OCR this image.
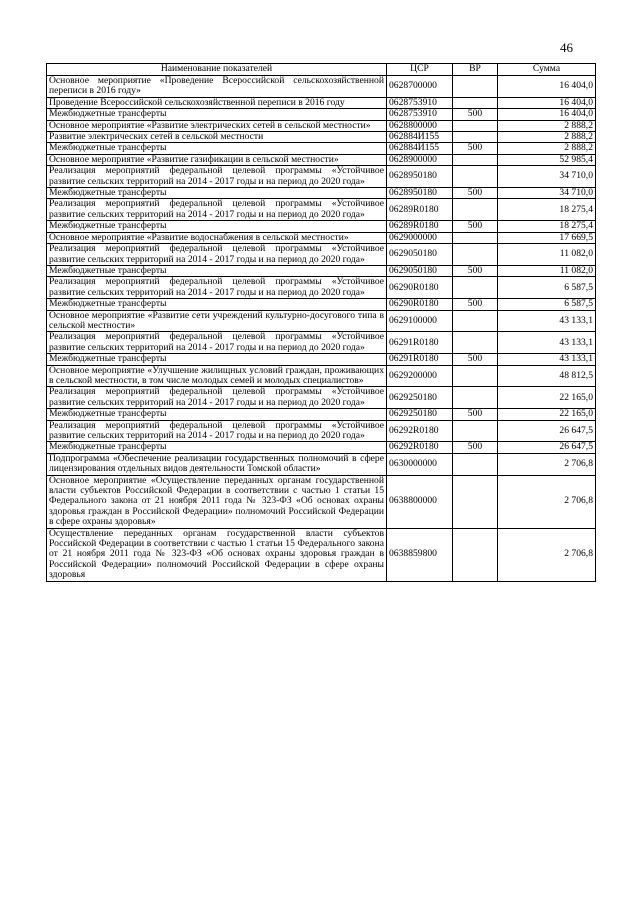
46
Наименование показателей	ЦСР	ВР	Сумма
Основное мероприятие «Проведение Всероссийской сельскохозяйственной переписи в 2016 году»	0628700000		16 404,0
Проведение Всероссийской сельскохозяйственной переписи в 2016 году	0628753910		16 404,0
Межбюджетные трансферты	0628753910	500	16 404,0
Основное мероприятие «Развитие электрических сетей в сельской местности»	0628800000		2 888,2
Развитие электрических сетей в сельской местности	062884И155		2 888,2
Межбюджетные трансферты	062884И155	500	2 888,2
Основное мероприятие «Развитие газификации в сельской местности»	0628900000		52 985,4
Реализация мероприятий федеральной целевой программы «Устойчивое развитие сельских территорий на 2014 - 2017 годы и на период до 2020 года»	0628950180		34 710,0
Межбюджетные трансферты	0628950180	500	34 710,0
Реализация мероприятий федеральной целевой программы «Устойчивое развитие сельских территорий на 2014 - 2017 годы и на период до 2020 года»	06289R0180		18 275,4
Межбюджетные трансферты	06289R0180	500	18 275,4
Основное мероприятие «Развитие водоснабжения в сельской местности»	0629000000		17 669,5
Реализация мероприятий федеральной целевой программы «Устойчивое развитие сельских территорий на 2014 - 2017 годы и на период до 2020 года»	0629050180		11 082,0
Межбюджетные трансферты	0629050180	500	11 082,0
Реализация мероприятий федеральной целевой программы «Устойчивое развитие сельских территорий на 2014 - 2017 годы и на период до 2020 года»	06290R0180		6 587,5
Межбюджетные трансферты	06290R0180	500	6 587,5
Основное мероприятие «Развитие сети учреждений культурно-досугового типа в сельской местности»	0629100000		43 133,1
Реализация мероприятий федеральной целевой программы «Устойчивое развитие сельских территорий на 2014 - 2017 годы и на период до 2020 года»	06291R0180		43 133,1
Межбюджетные трансферты	06291R0180	500	43 133,1
Основное мероприятие «Улучшение жилищных условий граждан, проживающих в сельской местности, в том числе молодых семей и молодых специалистов»	0629200000		48 812,5
Реализация мероприятий федеральной целевой программы «Устойчивое развитие сельских территорий на 2014 - 2017 годы и на период до 2020 года»	0629250180		22 165,0
Межбюджетные трансферты	0629250180	500	22 165,0
Реализация мероприятий федеральной целевой программы «Устойчивое развитие сельских территорий на 2014 - 2017 годы и на период до 2020 года»	06292R0180		26 647,5
Межбюджетные трансферты	06292R0180	500	26 647,5
Подпрограмма «Обеспечение реализации государственных полномочий в сфере лицензирования отдельных видов деятельности Томской области»	0630000000		2 706,8
Основное мероприятие «Осуществление переданных органам государственной власти субъектов Российской Федерации в соответствии с частью 1 статьи 15 Федерального закона от 21 ноября 2011 года № 323-ФЗ «Об основах охраны здоровья граждан в Российской Федерации» полномочий Российской Федерации в сфере охраны здоровья»	0638800000		2 706,8
Осуществление переданных органам государственной власти субъектов Российской Федерации в соответствии с частью 1 статьи 15 Федерального закона от 21 ноября 2011 года № 323-ФЗ «Об основах охраны здоровья граждан в Российской Федерации» полномочий Российской Федерации в сфере охраны здоровья	0638859800		2 706,8
